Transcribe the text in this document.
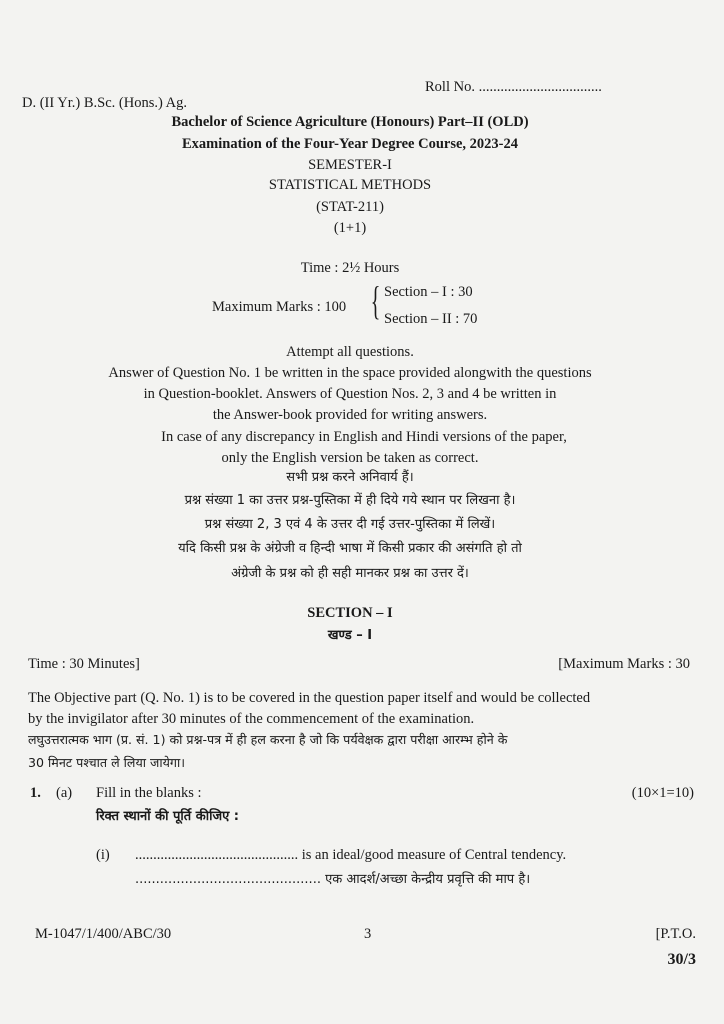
Roll No. ..................................
D. (II Yr.) B.Sc. (Hons.) Ag.
Bachelor of Science Agriculture (Honours) Part–II (OLD)
Examination of the Four-Year Degree Course, 2023-24
SEMESTER-I
STATISTICAL METHODS
(STAT-211)
(1+1)
Time : 2½ Hours
Maximum Marks : 100 { Section – I : 30
Section – II : 70
Attempt all questions.
Answer of Question No. 1 be written in the space provided alongwith the questions
in Question-booklet. Answers of Question Nos. 2, 3 and 4 be written in
the Answer-book provided for writing answers.
In case of any discrepancy in English and Hindi versions of the paper,
only the English version be taken as correct.
सभी प्रश्न करने अनिवार्य हैं।
प्रश्न संख्या 1 का उत्तर प्रश्न-पुस्तिका में ही दिये गये स्थान पर लिखना है।
प्रश्न संख्या 2, 3 एवं 4 के उत्तर दी गई उत्तर-पुस्तिका में लिखें।
यदि किसी प्रश्न के अंग्रेजी व हिन्दी भाषा में किसी प्रकार की असंगति हो तो
अंग्रेजी के प्रश्न को ही सही मानकर प्रश्न का उत्तर दें।
SECTION – I
खण्ड – I
Time : 30 Minutes]	[Maximum Marks : 30
The Objective part (Q. No. 1) is to be covered in the question paper itself and would be collected
by the invigilator after 30 minutes of the commencement of the examination.
लघुउत्तरात्मक भाग (प्र. सं. 1) को प्रश्न-पत्र में ही हल करना है जो कि पर्यवेक्षक द्वारा परीक्षा आरम्भ होने के
30 मिनट पश्चात ले लिया जायेगा।
1. (a) Fill in the blanks :	(10×1=10)
रिक्त स्थानों की पूर्ति कीजिए :
(i) ............................................. is an ideal/good measure of Central tendency.
............................................. एक आदर्श/अच्छा केन्द्रीय प्रवृत्ति की माप है।
M-1047/1/400/ABC/30	3	[P.T.O.
30/3
